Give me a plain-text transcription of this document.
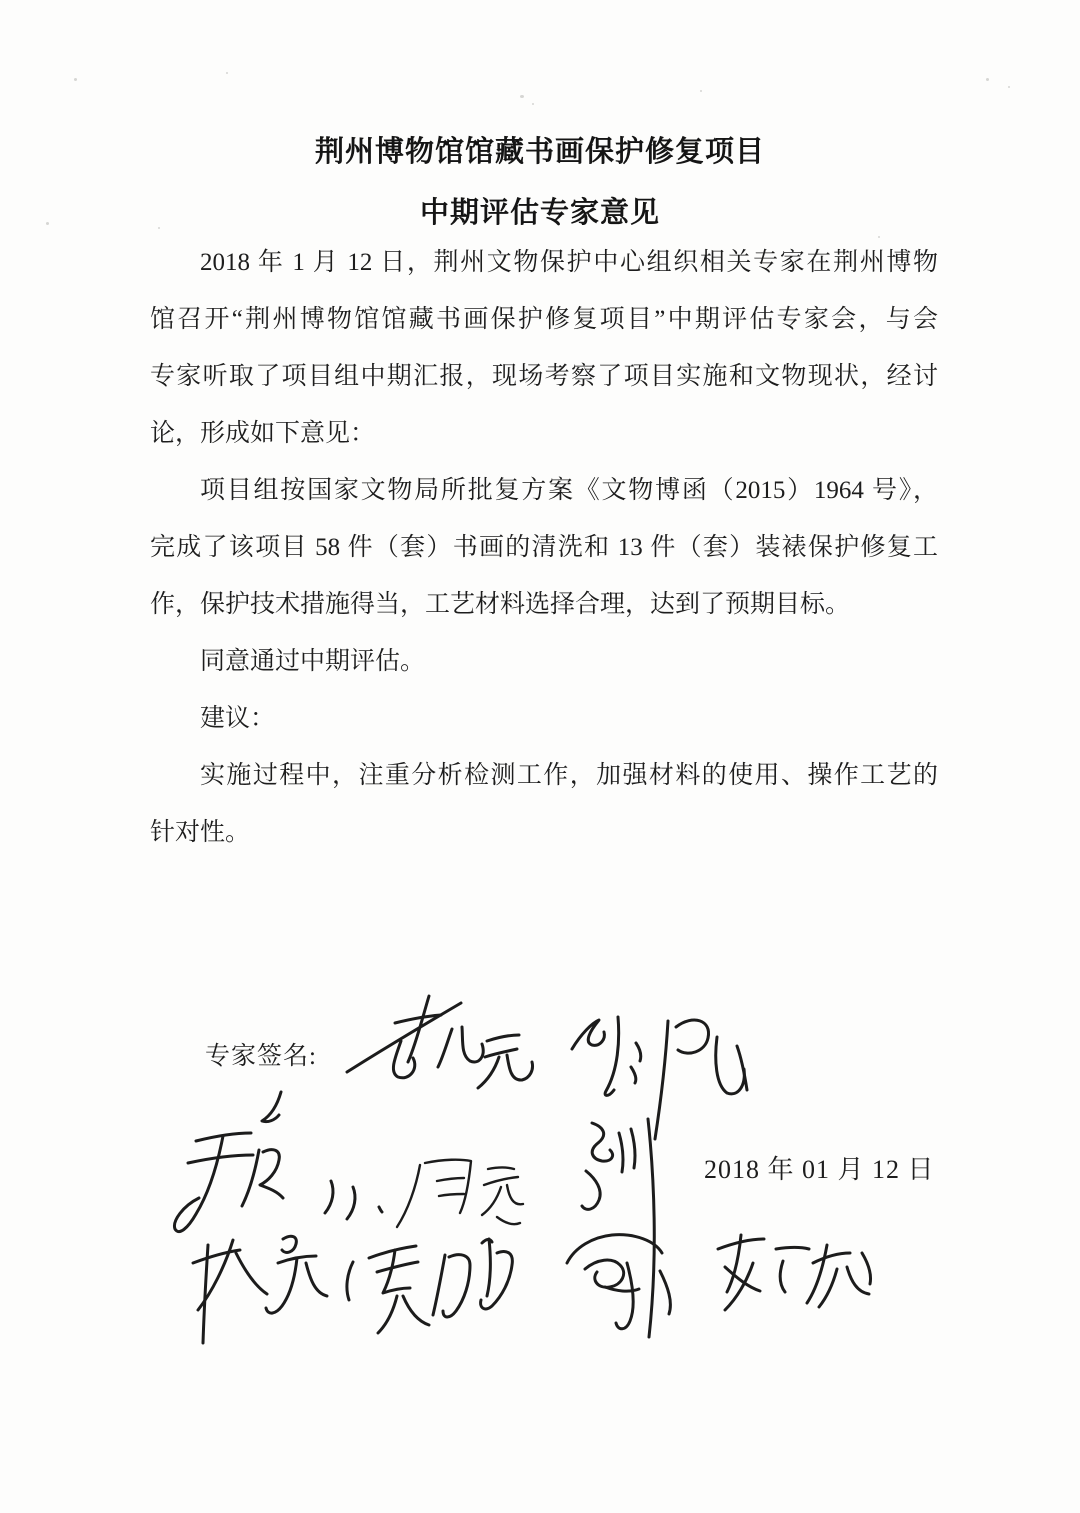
荆州博物馆馆藏书画保护修复项目
中期评估专家意见
2018 年 1 月 12 日，荆州文物保护中心组织相关专家在荆州博物
馆召开“荆州博物馆馆藏书画保护修复项目”中期评估专家会，与会
专家听取了项目组中期汇报，现场考察了项目实施和文物现状，经讨
论，形成如下意见：
项目组按国家文物局所批复方案《文物博函（2015）1964 号》，
完成了该项目 58 件（套）书画的清洗和 13 件（套）装裱保护修复工
作，保护技术措施得当，工艺材料选择合理，达到了预期目标。
同意通过中期评估。
建议：
实施过程中，注重分析检测工作，加强材料的使用、操作工艺的
针对性。
专家签名:
2018 年 01 月 12 日
